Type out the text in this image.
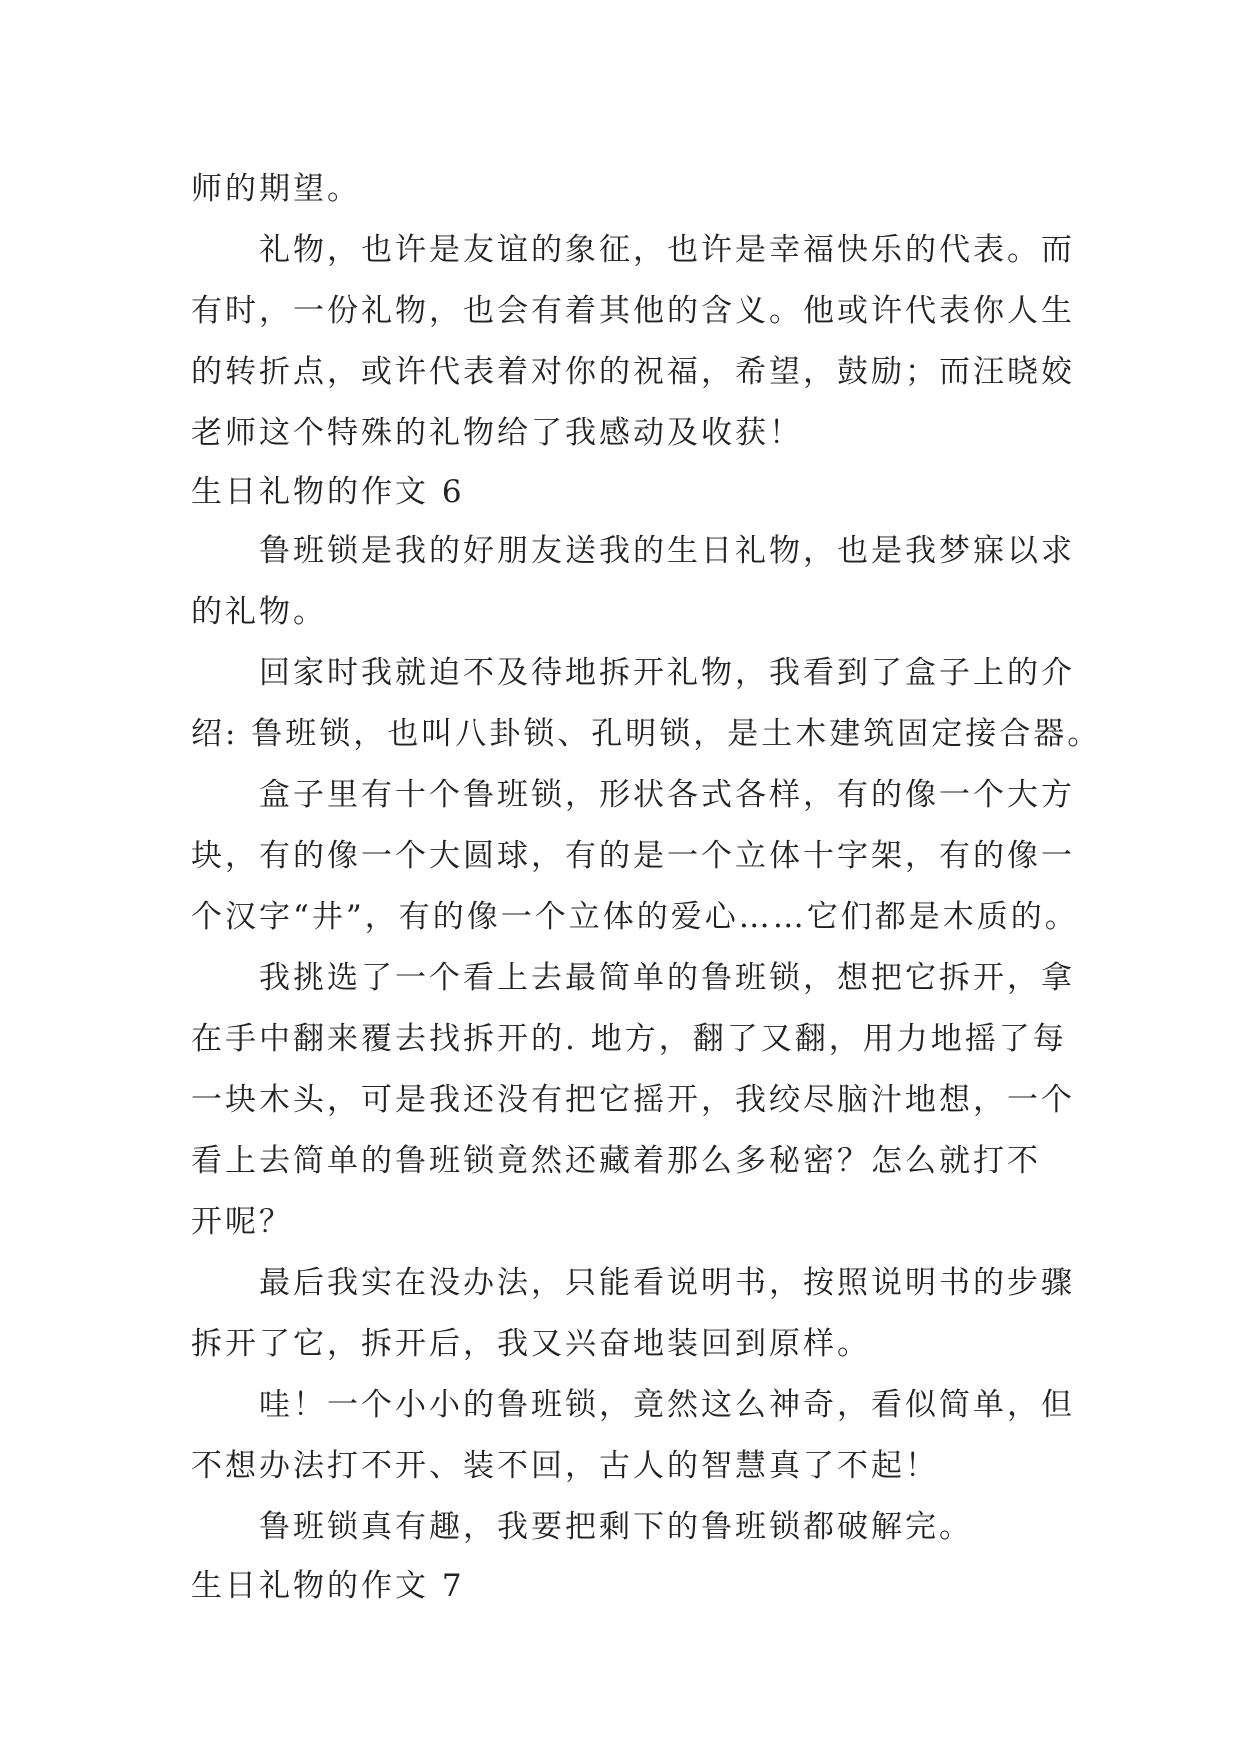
师的期望。
礼物，也许是友谊的象征，也许是幸福快乐的代表。而
有时，一份礼物，也会有着其他的含义。他或许代表你人生
的转折点，或许代表着对你的祝福，希望，鼓励；而汪晓姣
老师这个特殊的礼物给了我感动及收获！
生日礼物的作文 6
鲁班锁是我的好朋友送我的生日礼物，也是我梦寐以求
的礼物。
回家时我就迫不及待地拆开礼物，我看到了盒子上的介
绍: 鲁班锁，也叫八卦锁、孔明锁，是土木建筑固定接合器。
盒子里有十个鲁班锁，形状各式各样，有的像一个大方
块，有的像一个大圆球，有的是一个立体十字架，有的像一
个汉字“井”，有的像一个立体的爱心……它们都是木质的。
我挑选了一个看上去最简单的鲁班锁，想把它拆开，拿
在手中翻来覆去找拆开的. 地方，翻了又翻，用力地摇了每
一块木头，可是我还没有把它摇开，我绞尽脑汁地想，一个
看上去简单的鲁班锁竟然还藏着那么多秘密？怎么就打不
开呢？
最后我实在没办法，只能看说明书，按照说明书的步骤
拆开了它，拆开后，我又兴奋地装回到原样。
哇！一个小小的鲁班锁，竟然这么神奇，看似简单，但
不想办法打不开、装不回，古人的智慧真了不起！
鲁班锁真有趣，我要把剩下的鲁班锁都破解完。
生日礼物的作文 7
